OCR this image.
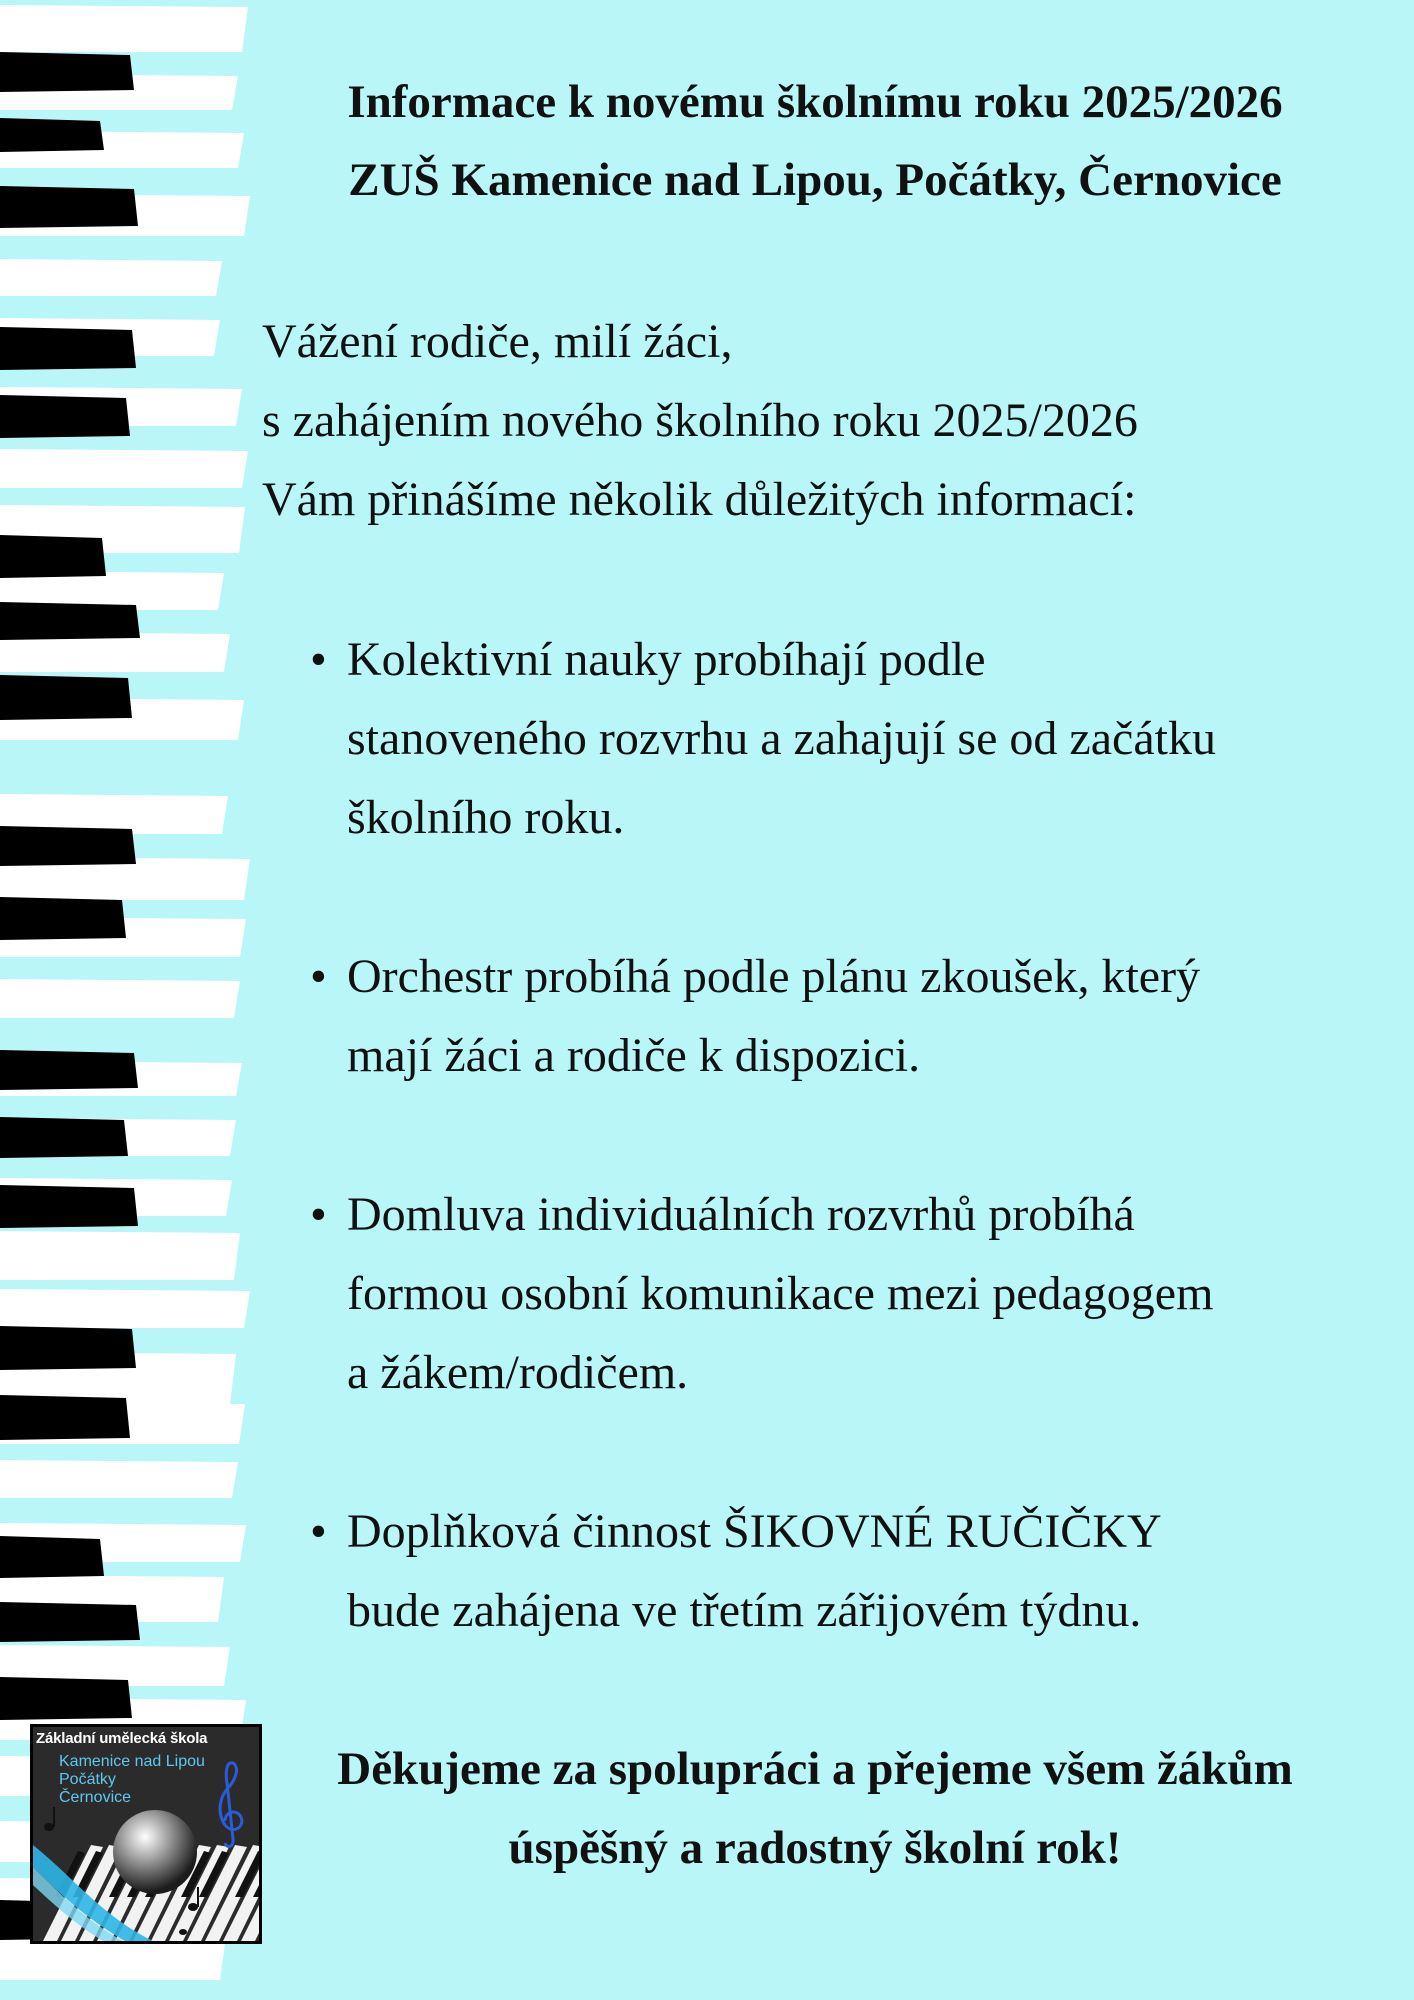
Informace k novému školnímu roku 2025/2026
ZUŠ Kamenice nad Lipou, Počátky, Černovice

Vážení rodiče, milí žáci,

s zahájením nového školního roku 2025/2026

Vám přinášíme několik důležitých informací:

• Kolektivní nauky probíhají podle
stanoveného rozvrhu a zahajují se od začátku
školního roku.
• Orchestr probíhá podle plánu zkoušek, který
mají žáci a rodiče k dispozici.
• Domluva individuálních rozvrhů probíhá
formou osobní komunikace mezi pedagogem
a žákem/rodičem.
• Doplňková činnost ŠIKOVNÉ RUČIČKY
bude zahájena ve třetím zářijovém týdnu.

Děkujeme za spolupráci a přejeme všem žákům

úspěšný a radostný školní rok!

Základní umělecká škola
Kamenice nad Lipou
Počátky
Černovice
